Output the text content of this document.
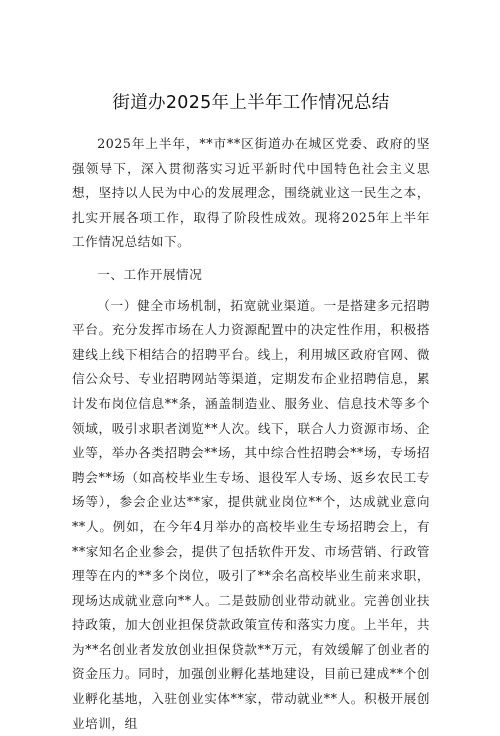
街道办2025年上半年工作情况总结

2025年上半年，**市**区街道办在城区党委、政府的坚强领导下，深入贯彻落实习近平新时代中国特色社会主义思想，坚持以人民为中心的发展理念，围绕就业这一民生之本，扎实开展各项工作，取得了阶段性成效。现将2025年上半年工作情况总结如下。

一、工作开展情况

（一）健全市场机制，拓宽就业渠道。一是搭建多元招聘平台。充分发挥市场在人力资源配置中的决定性作用，积极搭建线上线下相结合的招聘平台。线上，利用城区政府官网、微信公众号、专业招聘网站等渠道，定期发布企业招聘信息，累计发布岗位信息**条，涵盖制造业、服务业、信息技术等多个领域，吸引求职者浏览**人次。线下，联合人力资源市场、企业等，举办各类招聘会**场，其中综合性招聘会**场，专场招聘会**场（如高校毕业生专场、退役军人专场、返乡农民工专场等），参会企业达**家，提供就业岗位**个，达成就业意向**人。例如，在今年4月举办的高校毕业生专场招聘会上，有**家知名企业参会，提供了包括软件开发、市场营销、行政管理等在内的**多个岗位，吸引了**余名高校毕业生前来求职，现场达成就业意向**人。二是鼓励创业带动就业。完善创业扶持政策，加大创业担保贷款政策宣传和落实力度。上半年，共为**名创业者发放创业担保贷款**万元，有效缓解了创业者的资金压力。同时，加强创业孵化基地建设，目前已建成**个创业孵化基地，入驻创业实体**家，带动就业**人。积极开展创业培训，组
